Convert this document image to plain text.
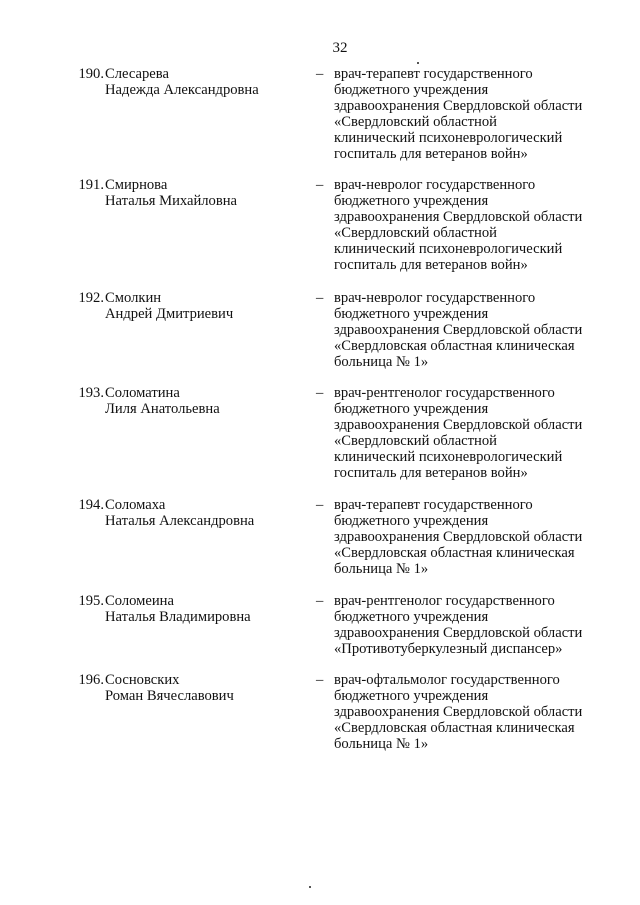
32
190. Слесарева
Надежда Александровна
– врач-терапевт государственного
бюджетного учреждения
здравоохранения Свердловской области
«Свердловский областной
клинический психоневрологический
госпиталь для ветеранов войн»
191. Смирнова
Наталья Михайловна
– врач-невролог государственного
бюджетного учреждения
здравоохранения Свердловской области
«Свердловский областной
клинический психоневрологический
госпиталь для ветеранов войн»
192. Смолкин
Андрей Дмитриевич
– врач-невролог государственного
бюджетного учреждения
здравоохранения Свердловской области
«Свердловская областная клиническая
больница № 1»
193. Соломатина
Лиля Анатольевна
– врач-рентгенолог государственного
бюджетного учреждения
здравоохранения Свердловской области
«Свердловский областной
клинический психоневрологический
госпиталь для ветеранов войн»
194. Соломаха
Наталья Александровна
– врач-терапевт государственного
бюджетного учреждения
здравоохранения Свердловской области
«Свердловская областная клиническая
больница № 1»
195. Соломеина
Наталья Владимировна
– врач-рентгенолог государственного
бюджетного учреждения
здравоохранения Свердловской области
«Противотуберкулезный диспансер»
196. Сосновских
Роман Вячеславович
– врач-офтальмолог государственного
бюджетного учреждения
здравоохранения Свердловской области
«Свердловская областная клиническая
больница № 1»
